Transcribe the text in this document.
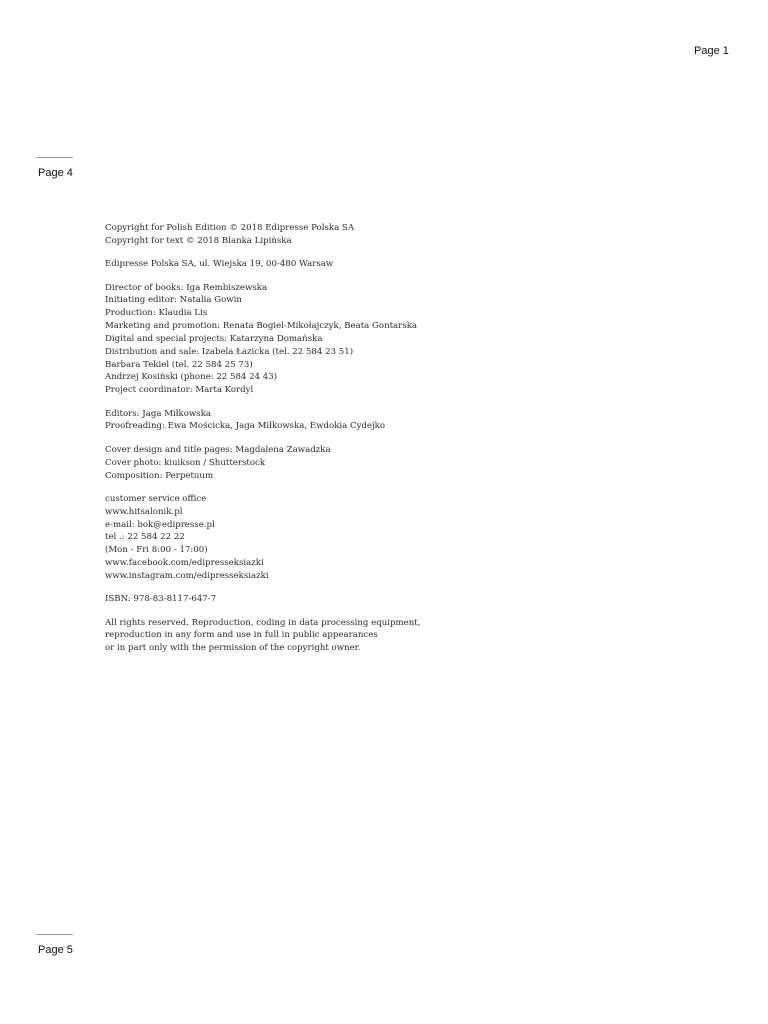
Page 1
Page 4
Copyright for Polish Edition © 2018 Edipresse Polska SA
Copyright for text © 2018 Blanka Lipińska
Edipresse Polska SA, ul. Wiejska 19, 00-480 Warsaw
Director of books: Iga Rembiszewska
Initiating editor: Natalia Gowin
Production: Klaudia Lis
Marketing and promotion: Renata Bogiel-Mikołajczyk, Beata Gontarska
Digital and special projects: Katarzyna Domańska
Distribution and sale: Izabela Łazicka (tel. 22 584 23 51)
Barbara Tekiel (tel. 22 584 25 73)
Andrzej Kosiński (phone: 22 584 24 43)
Project coordinator: Marta Kordyl
Editors: Jaga Miłkowska
Proofreading: Ewa Mościcka, Jaga Miłkowska, Ewdokia Cydejko
Cover design and title pages: Magdalena Zawadzka
Cover photo: kiuikson / Shutterstock
Composition: Perpetuum
customer service office
www.hitsalonik.pl
e-mail: bok@edipresse.pl
tel .: 22 584 22 22
(Mon - Fri 8:00 - 17:00)
www.facebook.com/edipresseksiazki
www.instagram.com/edipresseksiazki
ISBN: 978-83-8117-647-7
All rights reserved. Reproduction, coding in data processing equipment,
reproduction in any form and use in full in public appearances
or in part only with the permission of the copyright owner.
Page 5
